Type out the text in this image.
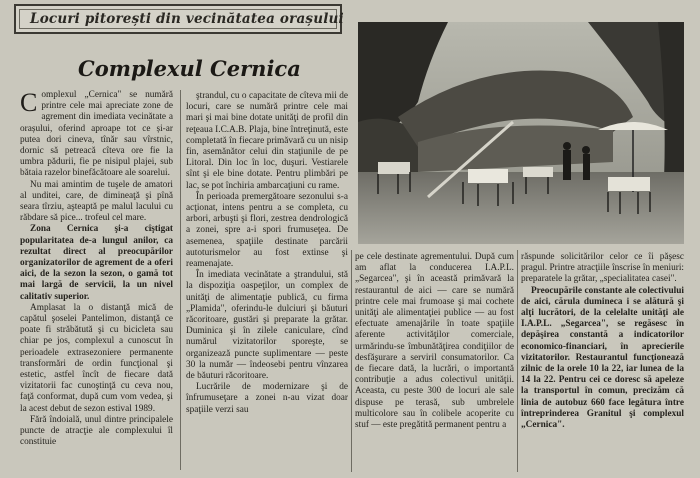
Locuri pitorești din vecinătatea orașului
Complexul Cernica

Complexul „Cernica" se numără printre cele mai apreciate zone de agrement din imediata vecinătate a orașului, oferind aproape tot ce și-ar putea dori cineva, tînăr sau vîrstnic, dornic să petreacă cîteva ore fie la umbra pădurii, fie pe nisipul plajei, sub bătaia razelor binefăcătoare ale soarelui.

Nu mai amintim de tuşele de amatori al unditei, care, de dimineaţă şi pînă seara tîrziu, aşteaptă pe malul lacului cu răbdare să pice... trofeul cel mare.

Zona Cernica şi-a cîştigat popularitatea de-a lungul anilor, ca rezultat direct al preocupărilor organizatorilor de agrement de a oferi aici, de la sezon la sezon, o gamă tot mai largă de servicii, la un nivel calitativ superior.

Amplasat la o distanţă mică de capătul şoselei Pantelimon, distanţă ce poate fi străbătută şi cu bicicleta sau chiar pe jos, complexul a cunoscut în perioadele extrasezoniere permanente transformări de ordin funcţional şi estetic, astfel încît de fiecare dată vizitatorii fac cunoştinţă cu ceva nou, faţă conformat, după cum vom vedea, şi la acest debut de sezon estival 1989.

Fără îndoială, unul dintre principalele puncte de atracţie ale complexului îl constituie

ştrandul, cu o capacitate de cîteva mii de locuri, care se numără printre cele mai mari şi mai bine dotate unităţi de profil din reţeaua I.C.A.B. Plaja, bine întreţinută, este completată în fiecare primăvară cu un nisip fin, asemănător celui din staţiunile de pe Litoral. Din loc în loc, duşuri. Vestiarele sînt şi ele bine dotate. Pentru plimbări pe lac, se pot închiria ambarcaţiuni cu rame.

În perioada premergătoare sezonului s-a acţionat, intens pentru a se completa, cu arbori, arbuşti şi flori, zestrea dendrologică a zonei, spre a-i spori frumuseţea. De asemenea, spaţiile destinate parcării autoturismelor au fost extinse şi reamenajate.

În imediata vecinătate a ştrandului, stă la dispoziţia oaspeţilor, un complex de unităţi de alimentaţie publică, cu firma „Plamida", oferindu-le dulciuri şi băuturi răcoritoare, gustări şi preparate la grătar. Duminica şi în zilele caniculare, cînd numărul vizitatorilor sporeşte, se organizează puncte suplimentare — peste 30 la număr — îndeosebi pentru vînzarea de băuturi răcoritoare.

Lucrările de modernizare şi de înfrumuseţare a zonei n-au vizat doar spaţiile verzi sau

pe cele destinate agrementului. După cum am aflat la conducerea I.A.P.L. „Segarcea", şi în această primăvară la restaurantul de aici — care se numără printre cele mai frumoase şi mai cochete unităţi ale alimentaţiei publice — au fost efectuate amenajările în toate spaţiile aferente activităţilor comerciale, urmărindu-se îmbunătăţirea condiţiilor de desfăşurare a serviril consumatorilor. Ca de fiecare dată, la lucrări, o importantă contribuţie a adus colectivul unităţii. Aceasta, cu peste 300 de locuri ale sale dispuse pe terasă, sub umbrelele multicolore sau în colibele acoperite cu stuf — este pregătită permanent pentru a

răspunde solicitărilor celor ce îi păşesc pragul. Printre atracţiile înscrise în meniuri: preparatele la grătar, „specialitatea casei".

Preocupările constante ale colectivului de aici, cărula dumineca i se alătură şi alţi lucrători, de la celelalte unităţi ale I.A.P.L. „Segarcea", se regăsesc în depăşirea constantă a indicatorilor economico-financiari, în aprecierile vizitatorilor. Restaurantul funcţionează zilnic de la orele 10 la 22, iar lunea de la 14 la 22. Pentru cei ce doresc să apeleze la transportul în comun, precizăm că linia de autobuz 660 face legătura între întreprinderea Granitul şi complexul „Cernica".
